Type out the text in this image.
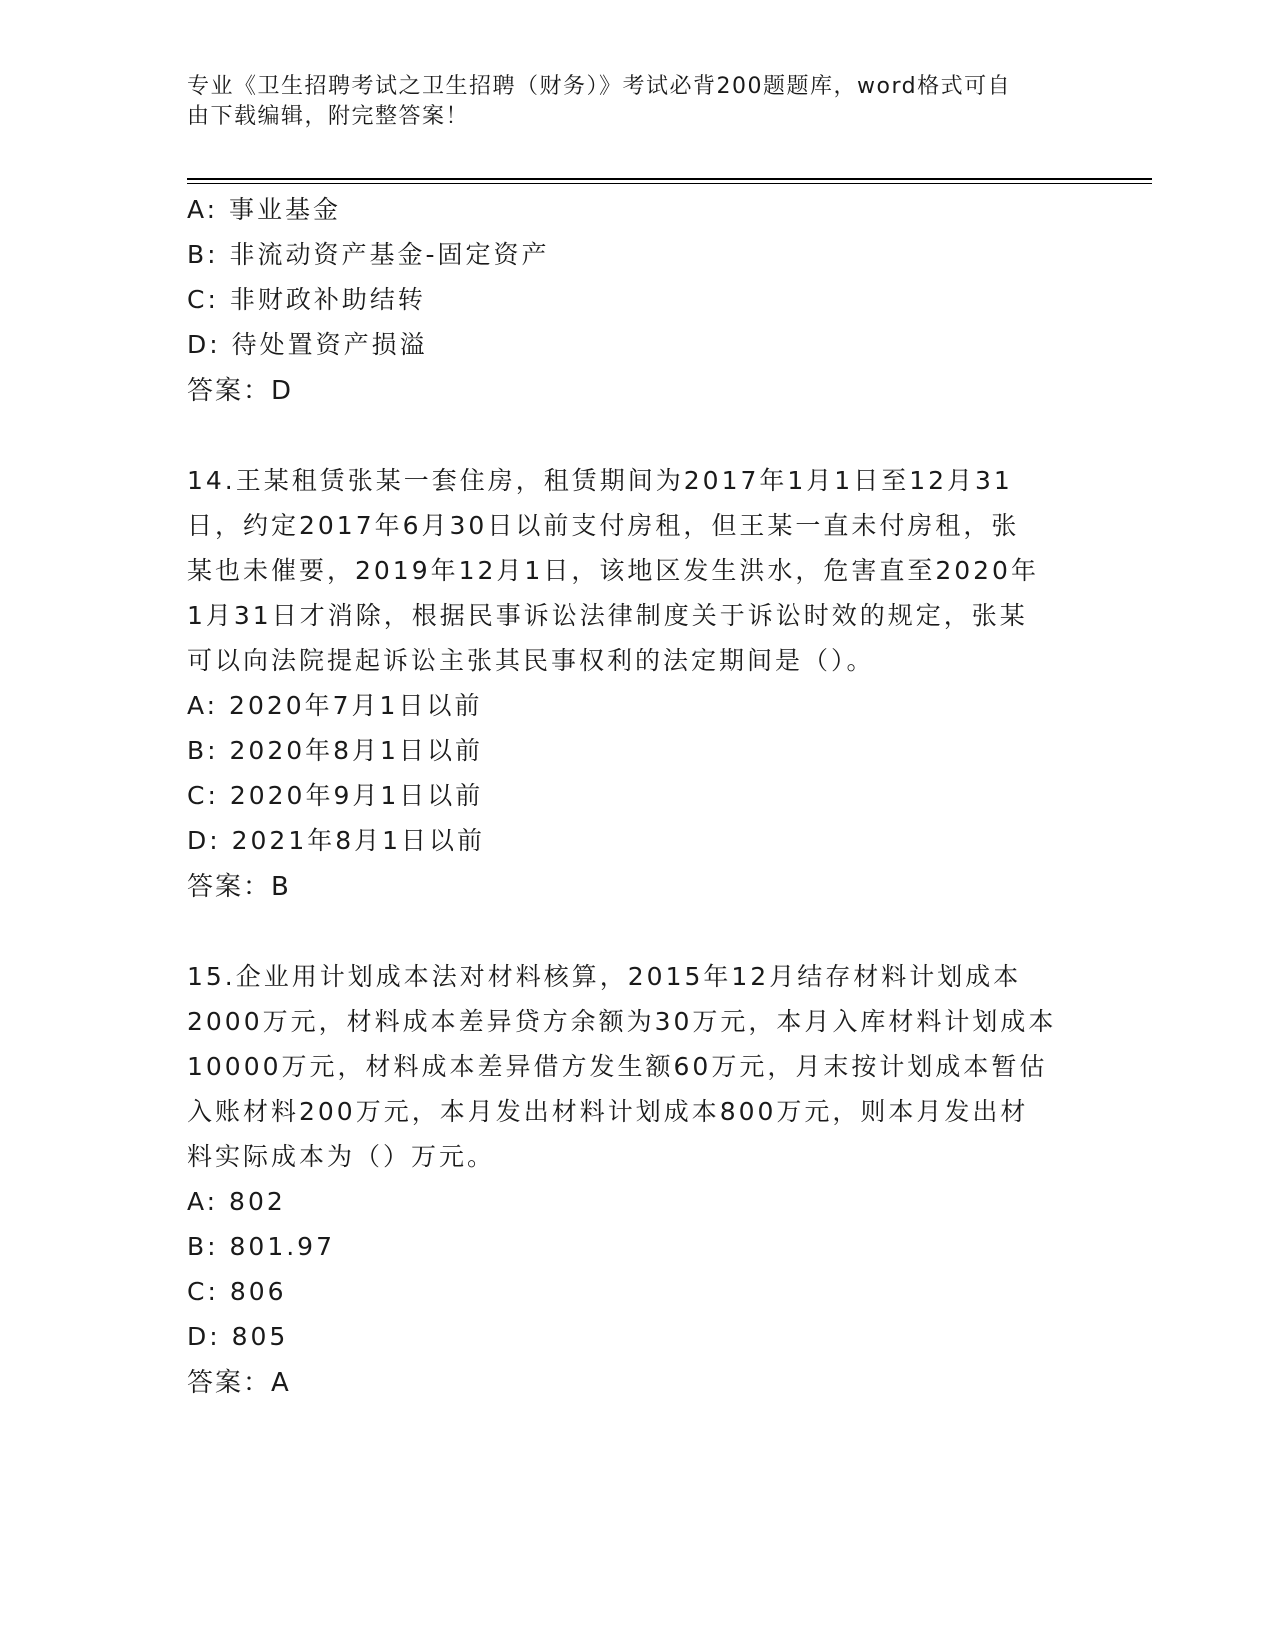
专业《卫生招聘考试之卫生招聘（财务）》考试必背200题题库，word格式可自
由下载编辑，附完整答案！
A: 事业基金
B: 非流动资产基金-固定资产
C: 非财政补助结转
D: 待处置资产损溢
答案：D
14.王某租赁张某一套住房，租赁期间为2017年1月1日至12月31
日，约定2017年6月30日以前支付房租，但王某一直未付房租，张
某也未催要，2019年12月1日，该地区发生洪水，危害直至2020年
1月31日才消除，根据民事诉讼法律制度关于诉讼时效的规定，张某
可以向法院提起诉讼主张其民事权利的法定期间是（）。
A: 2020年7月1日以前
B: 2020年8月1日以前
C: 2020年9月1日以前
D: 2021年8月1日以前
答案：B
15.企业用计划成本法对材料核算，2015年12月结存材料计划成本
2000万元，材料成本差异贷方余额为30万元，本月入库材料计划成本
10000万元，材料成本差异借方发生额60万元，月末按计划成本暂估
入账材料200万元，本月发出材料计划成本800万元，则本月发出材
料实际成本为（）万元。
A: 802
B: 801.97
C: 806
D: 805
答案：A
